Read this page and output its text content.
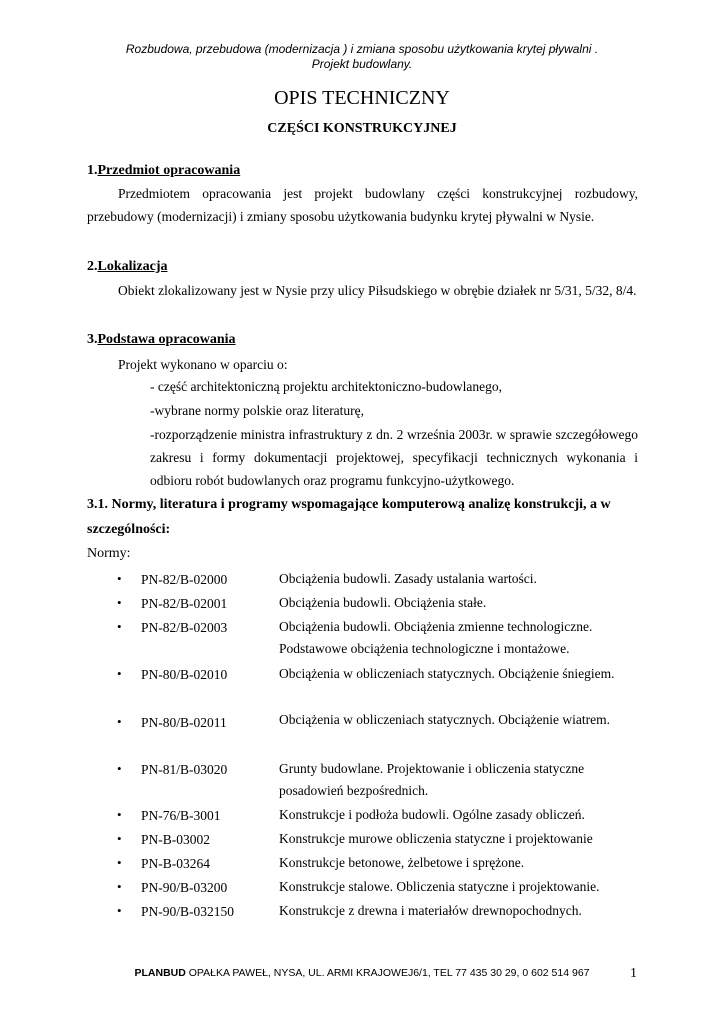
Rozbudowa, przebudowa (modernizacja ) i zmiana sposobu użytkowania krytej pływalni .
Projekt budowlany.
OPIS TECHNICZNY
CZĘŚCI KONSTRUKCYJNEJ
1.Przedmiot opracowania
Przedmiotem opracowania jest projekt budowlany części konstrukcyjnej rozbudowy,
przebudowy (modernizacji) i zmiany sposobu użytkowania budynku krytej pływalni w Nysie.
2.Lokalizacja
Obiekt zlokalizowany jest w Nysie przy ulicy Piłsudskiego w obrębie działek nr 5/31, 5/32, 8/4.
3.Podstawa opracowania
Projekt wykonano w oparciu o:
- część architektoniczną projektu architektoniczno-budowlanego,
-wybrane normy polskie oraz literaturę,
-rozporządzenie ministra infrastruktury z dn. 2 września 2003r. w sprawie szczegółowego
zakresu i formy dokumentacji projektowej, specyfikacji technicznych wykonania i
odbioru robót budowlanych oraz programu funkcyjno-użytkowego.
3.1. Normy, literatura i programy wspomagające komputerową analizę konstrukcji, a w
szczególności:
Normy:
• PN-82/B-02000	Obciążenia budowli. Zasady ustalania wartości.
• PN-82/B-02001	Obciążenia budowli. Obciążenia stałe.
• PN-82/B-02003	Obciążenia budowli. Obciążenia zmienne technologiczne.
Podstawowe obciążenia technologiczne i montażowe.
• PN-80/B-02010	Obciążenia w obliczeniach statycznych. Obciążenie śniegiem.
• PN-80/B-02011	Obciążenia w obliczeniach statycznych. Obciążenie wiatrem.
• PN-81/B-03020	Grunty budowlane. Projektowanie i obliczenia statyczne
posadowień bezpośrednich.
• PN-76/B-3001	Konstrukcje i podłoża budowli. Ogólne zasady obliczeń.
• PN-B-03002	Konstrukcje murowe obliczenia statyczne i projektowanie
• PN-B-03264	Konstrukcje betonowe, żelbetowe i sprężone.
• PN-90/B-03200	Konstrukcje stalowe. Obliczenia statyczne i projektowanie.
• PN-90/B-032150	Konstrukcje z drewna i materiałów drewnopochodnych.
PLANBUD OPAŁKA PAWEŁ, NYSA, UL. ARMI KRAJOWEJ6/1, TEL 77 435 30 29, 0 602 514 967	1
